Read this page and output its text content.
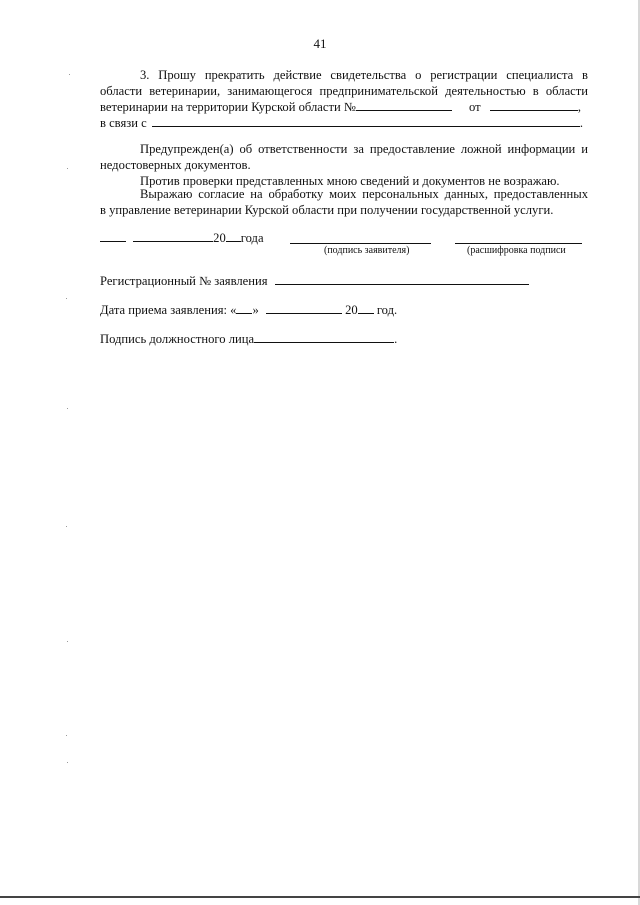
41
3. Прошу прекратить действие свидетельства о регистрации специалиста в
области ветеринарии, занимающегося предпринимательской деятельностью в области
ветеринарии на территории Курской области №	от	,
в связи с	.
Предупрежден(а) об ответственности за предоставление ложной информации и
недостоверных документов.
Против проверки представленных мною сведений и документов не возражаю.
Выражаю согласие на обработку моих персональных данных, предоставленных
в управление ветеринарии Курской области при получении государственной услуги.
20 года
(подпись заявителя)	(расшифровка подписи
Регистрационный № заявления
Дата приема заявления: « »	20 год.
Подпись должностного лица	.
